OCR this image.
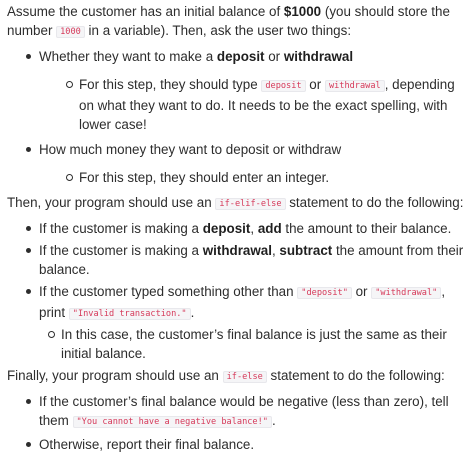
Assume the customer has an initial balance of $1000 (you should store the number 1000 in a variable). Then, ask the user two things:

Whether they want to make a deposit or withdrawal
For this step, they should type deposit or withdrawal , depending on what they want to do. It needs to be the exact spelling, with lower case!
How much money they want to deposit or withdraw
For this step, they should enter an integer.

Then, your program should use an if-elif-else statement to do the following:

If the customer is making a deposit, add the amount to their balance.
If the customer is making a withdrawal, subtract the amount from their balance.
If the customer typed something other than "deposit" or "withdrawal" ,
print "Invalid transaction." .
In this case, the customer’s final balance is just the same as their initial balance.

Finally, your program should use an if-else statement to do the following:

If the customer’s final balance would be negative (less than zero), tell them "You cannot have a negative balance!" .
Otherwise, report their final balance.
